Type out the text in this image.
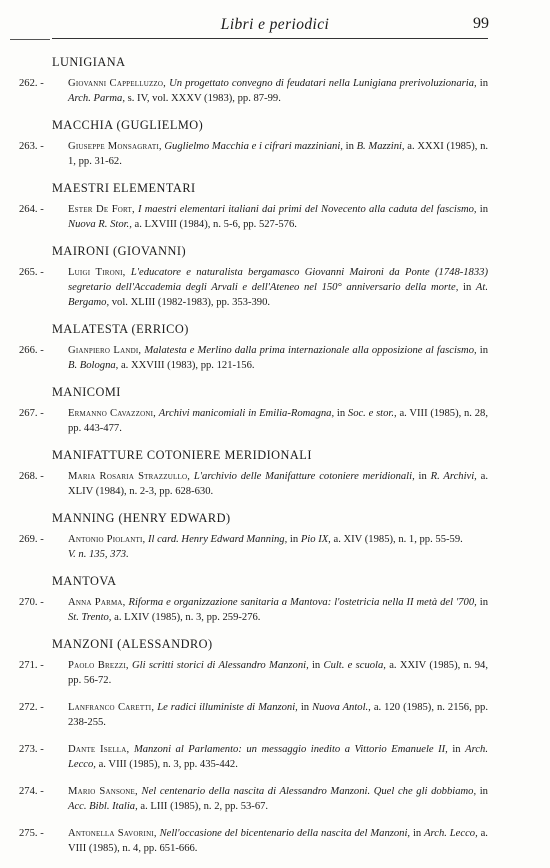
Libri e periodici	99
LUNIGIANA
262. -	Giovanni Cappelluzzo, Un progettato convegno di feudatari nella Lunigiana prerivoluzionaria, in Arch. Parma, s. IV, vol. XXXV (1983), pp. 87-99.
MACCHIA (GUGLIELMO)
263. -	Giuseppe Monsagrati, Guglielmo Macchia e i cifrari mazziniani, in B. Mazzini, a. XXXI (1985), n. 1, pp. 31-62.
MAESTRI ELEMENTARI
264. -	Ester De Fort, I maestri elementari italiani dai primi del Novecento alla caduta del fascismo, in Nuova R. Stor., a. LXVIII (1984), n. 5-6, pp. 527-576.
MAIRONI (GIOVANNI)
265. -	Luigi Tironi, L'educatore e naturalista bergamasco Giovanni Maironi da Ponte (1748-1833) segretario dell'Accademia degli Arvali e dell'Ateneo nel 150° anniversario della morte, in At. Bergamo, vol. XLIII (1982-1983), pp. 353-390.
MALATESTA (ERRICO)
266. -	Gianpiero Landi, Malatesta e Merlino dalla prima internazionale alla opposizione al fascismo, in B. Bologna, a. XXVIII (1983), pp. 121-156.
MANICOMI
267. -	Ermanno Cavazzoni, Archivi manicomiali in Emilia-Romagna, in Soc. e stor., a. VIII (1985), n. 28, pp. 443-477.
MANIFATTURE COTONIERE MERIDIONALI
268. -	Maria Rosaria Strazzullo, L'archivio delle Manifatture cotoniere meridionali, in R. Archivi, a. XLIV (1984), n. 2-3, pp. 628-630.
MANNING (HENRY EDWARD)
269. -	Antonio Piolanti, Il card. Henry Edward Manning, in Pio IX, a. XIV (1985), n. 1, pp. 55-59.
V. n. 135, 373.
MANTOVA
270. -	Anna Parma, Riforma e organizzazione sanitaria a Mantova: l'ostetricia nella II metà del '700, in St. Trento, a. LXIV (1985), n. 3, pp. 259-276.
MANZONI (ALESSANDRO)
271. -	Paolo Brezzi, Gli scritti storici di Alessandro Manzoni, in Cult. e scuola, a. XXIV (1985), n. 94, pp. 56-72.
272. -	Lanfranco Caretti, Le radici illuministe di Manzoni, in Nuova Antol., a. 120 (1985), n. 2156, pp. 238-255.
273. -	Dante Isella, Manzoni al Parlamento: un messaggio inedito a Vittorio Emanuele II, in Arch. Lecco, a. VIII (1985), n. 3, pp. 435-442.
274. -	Mario Sansone, Nel centenario della nascita di Alessandro Manzoni. Quel che gli dobbiamo, in Acc. Bibl. Italia, a. LIII (1985), n. 2, pp. 53-67.
275. -	Antonella Savorini, Nell'occasione del bicentenario della nascita del Manzoni, in Arch. Lecco, a. VIII (1985), n. 4, pp. 651-666.
